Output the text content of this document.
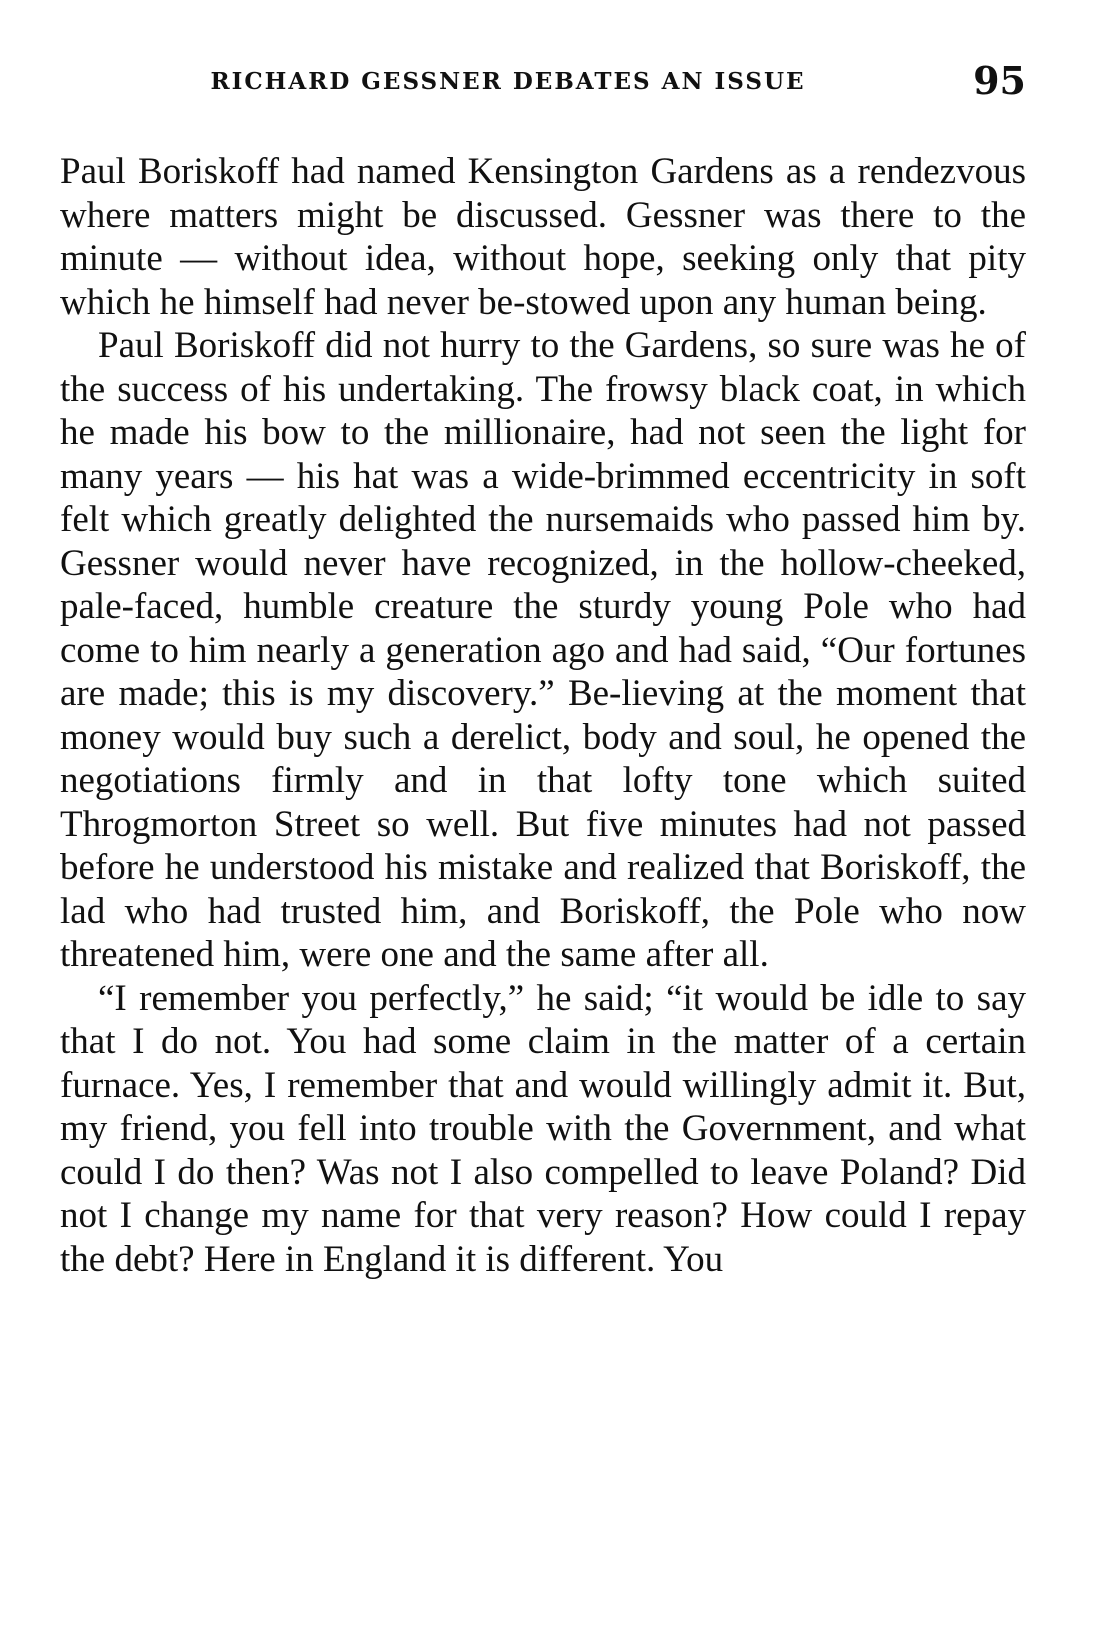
RICHARD GESSNER DEBATES AN ISSUE	95

Paul Boriskoff had named Kensington Gardens as a rendezvous where matters might be discussed. Gessner was there to the minute — without idea, without hope, seeking only that pity which he himself had never be-stowed upon any human being.

Paul Boriskoff did not hurry to the Gardens, so sure was he of the success of his undertaking. The frowsy black coat, in which he made his bow to the millionaire, had not seen the light for many years — his hat was a wide-brimmed eccentricity in soft felt which greatly delighted the nursemaids who passed him by. Gessner would never have recognized, in the hollow-cheeked, pale-faced, humble creature the sturdy young Pole who had come to him nearly a generation ago and had said, “Our fortunes are made; this is my discovery.” Be-lieving at the moment that money would buy such a derelict, body and soul, he opened the negotiations firmly and in that lofty tone which suited Throgmorton Street so well. But five minutes had not passed before he understood his mistake and realized that Boriskoff, the lad who had trusted him, and Boriskoff, the Pole who now threatened him, were one and the same after all.

“I remember you perfectly,” he said; “it would be idle to say that I do not. You had some claim in the matter of a certain furnace. Yes, I remember that and would willingly admit it. But, my friend, you fell into trouble with the Government, and what could I do then? Was not I also compelled to leave Poland? Did not I change my name for that very reason? How could I repay the debt? Here in England it is different. You
